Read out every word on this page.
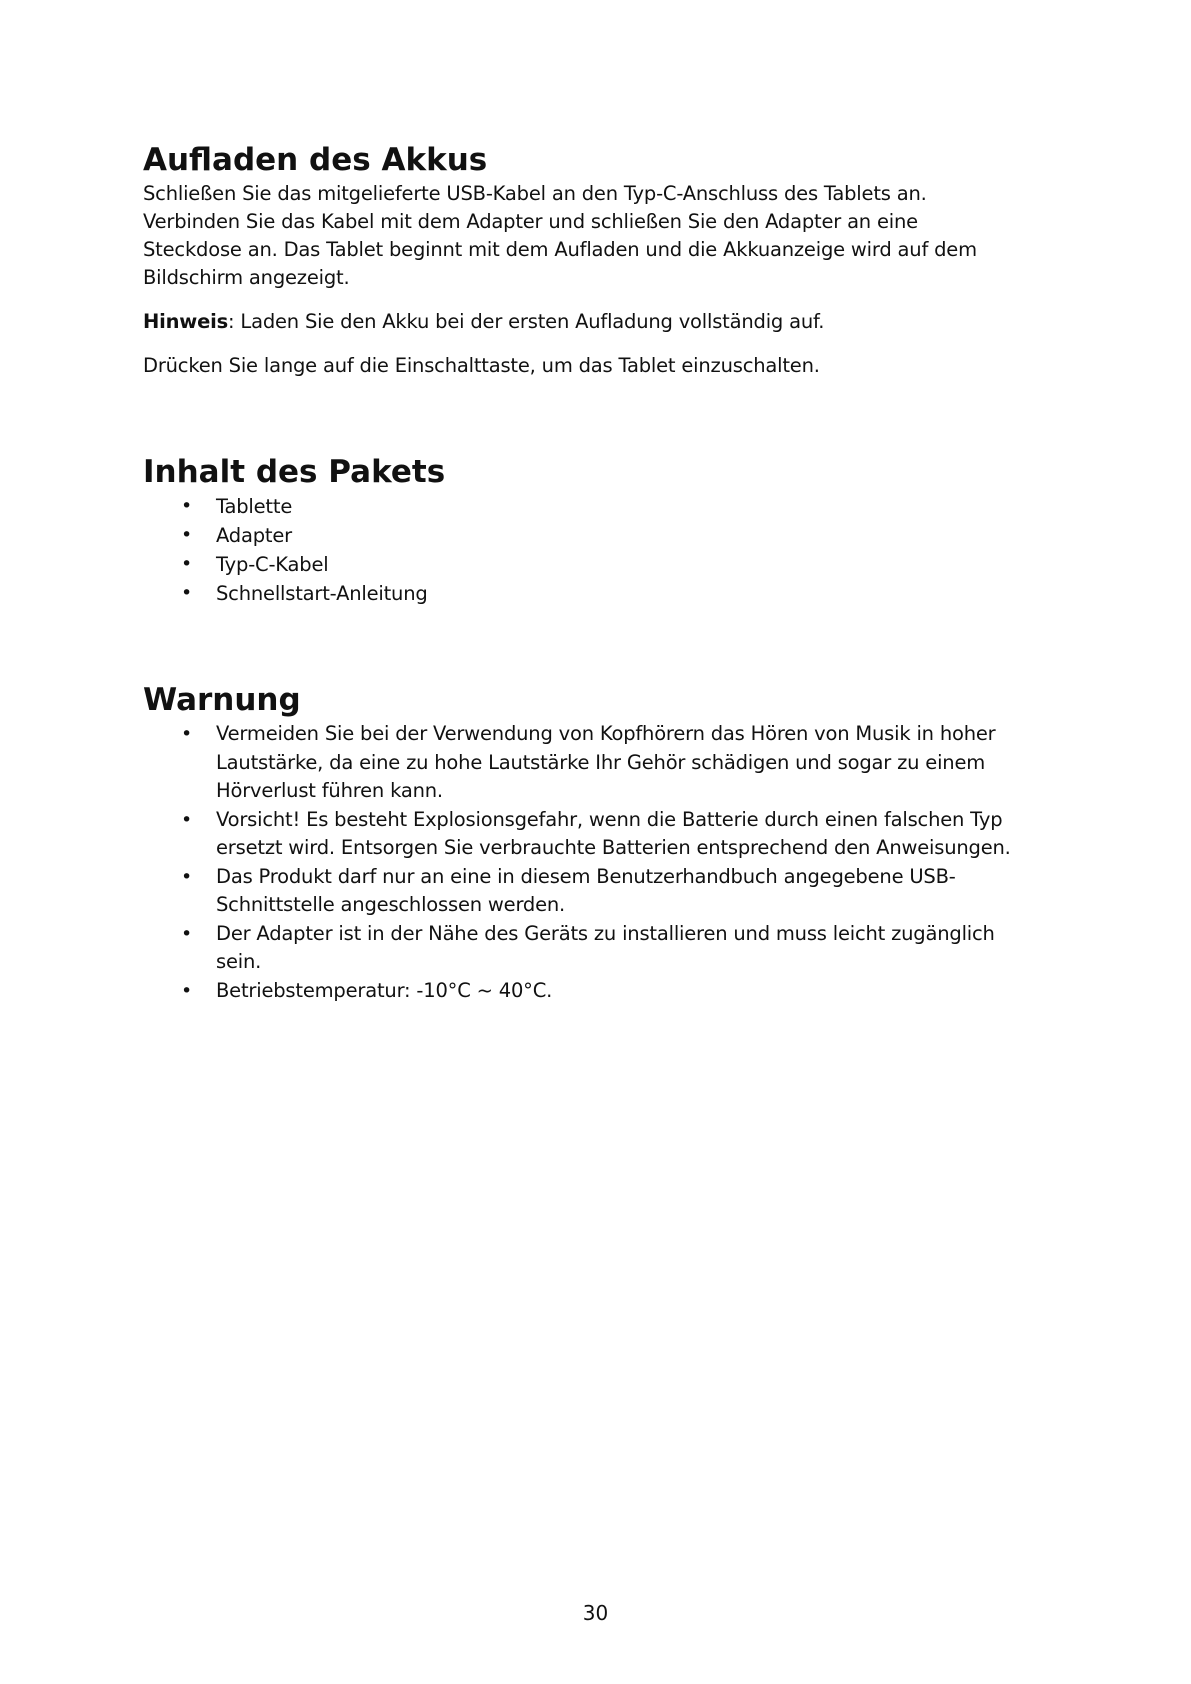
Aufladen des Akkus

Schließen Sie das mitgelieferte USB-Kabel an den Typ-C-Anschluss des Tablets an.
Verbinden Sie das Kabel mit dem Adapter und schließen Sie den Adapter an eine
Steckdose an. Das Tablet beginnt mit dem Aufladen und die Akkuanzeige wird auf dem
Bildschirm angezeigt.

Hinweis: Laden Sie den Akku bei der ersten Aufladung vollständig auf.

Drücken Sie lange auf die Einschalttaste, um das Tablet einzuschalten.

Inhalt des Pakets
• Tablette
• Adapter
• Typ-C-Kabel
• Schnellstart-Anleitung
Warnung
• Vermeiden Sie bei der Verwendung von Kopfhörern das Hören von Musik in hoher
Lautstärke, da eine zu hohe Lautstärke Ihr Gehör schädigen und sogar zu einem
Hörverlust führen kann.
• Vorsicht! Es besteht Explosionsgefahr, wenn die Batterie durch einen falschen Typ
ersetzt wird. Entsorgen Sie verbrauchte Batterien entsprechend den Anweisungen.
• Das Produkt darf nur an eine in diesem Benutzerhandbuch angegebene USB-
Schnittstelle angeschlossen werden.
• Der Adapter ist in der Nähe des Geräts zu installieren und muss leicht zugänglich
sein.
• Betriebstemperatur: -10°C ~ 40°C.
30
